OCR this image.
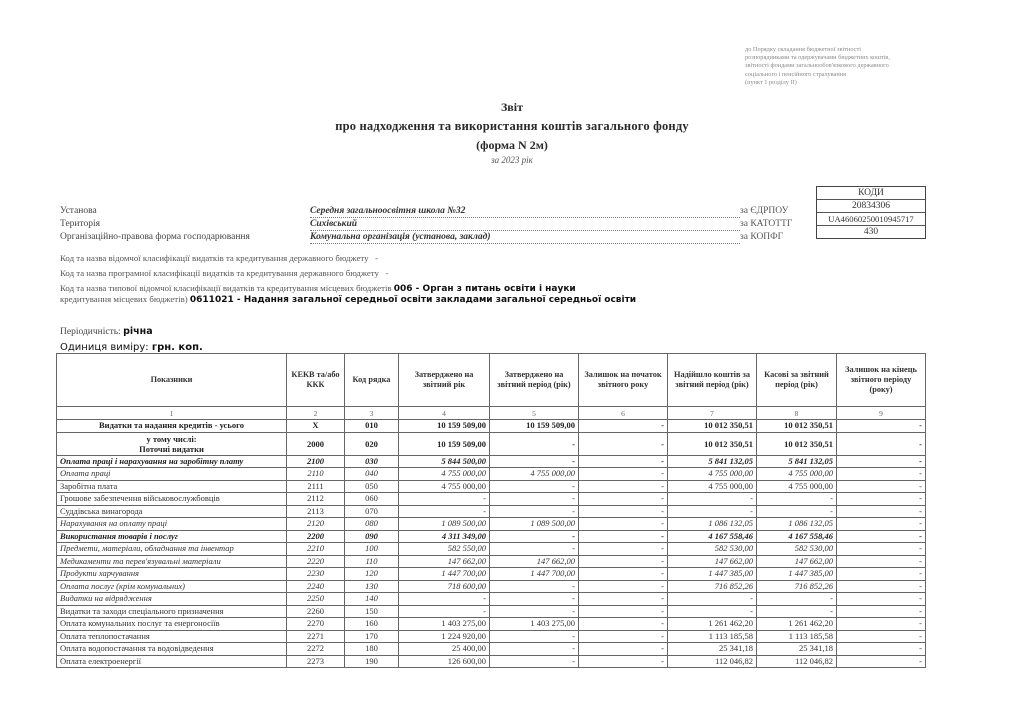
до Порядку складання бюджетної звітності
розпорядниками та одержувачами бюджетних коштів,
звітності фондами загальнообов'язкового державного
соціального і пенсійного страхування
(пункт 1 розділу II)
Звіт
про надходження та використання коштів загального фонду
(форма N 2м)
за 2023 рік
КОДИ
20834306
UA46060250010945717
430
Установа	Середня загальноосвітня школа №32	за ЄДРПОУ
Територія	Сихівський	за КАТОТТГ
Організаційно-правова форма господарювання	Комунальна організація (установа, заклад)	за КОПФГ
Код та назва відомчої класифікації видатків та кредитування державного бюджету -
Код та назва програмної класифікації видатків та кредитування державного бюджету -
Код та назва типової відомчої класифікації видатків та кредитування місцевих бюджетів 006 - Орган з питань освіти і науки
кредитування місцевих бюджетів) 0611021 - Надання загальної середньої освіти закладами загальної середньої освіти
Періодичність: річна
Одиниця виміру: грн. коп.
Показники	КЕКВ та/або ККК	Код рядка	Затверджено на звітний рік	Затверджено на звітний період (рік)	Залишок на початок звітного року	Надійшло коштів за звітний період (рік)	Касові за звітний період (рік)	Залишок на кінець звітного періоду (року)
1	2	3	4	5	6	7	8	9
Видатки та надання кредитів - усього	X	010	10 159 509,00	10 159 509,00	-	10 012 350,51	10 012 350,51	-

у тому числі:
Поточні видатки	2000	020	10 159 509,00	-	-	10 012 350,51	10 012 350,51	-
Оплата праці і нарахування на заробітну плату	2100	030	5 844 500,00	-	-	5 841 132,05	5 841 132,05	-
Оплата праці	2110	040	4 755 000,00	4 755 000,00	-	4 755 000,00	4 755 000,00	-
Заробітна плата	2111	050	4 755 000,00	-	-	4 755 000,00	4 755 000,00	-
Грошове забезпечення військовослужбовців	2112	060	-	-	-	-	-	-
Суддівська винагорода	2113	070	-	-	-	-	-	-
Нарахування на оплату праці	2120	080	1 089 500,00	1 089 500,00	-	1 086 132,05	1 086 132,05	-
Використання товарів і послуг	2200	090	4 311 349,00	-	-	4 167 558,46	4 167 558,46	-
Предмети, матеріали, обладнання та інвентар	2210	100	582 550,00	-	-	582 530,00	582 530,00	-
Медикаменти та перев'язувальні матеріали	2220	110	147 662,00	147 662,00	-	147 662,00	147 662,00	-
Продукти харчування	2230	120	1 447 700,00	1 447 700,00	-	1 447 385,00	1 447 385,00	-
Оплата послуг (крім комунальних)	2240	130	718 600,00	-	-	716 852,26	716 852,26	-
Видатки на відрядження	2250	140	-	-	-	-	-	-
Видатки та заходи спеціального призначення	2260	150	-	-	-	-	-	-
Оплата комунальних послуг та енергоносіїв	2270	160	1 403 275,00	1 403 275,00	-	1 261 462,20	1 261 462,20	-
Оплата теплопостачання	2271	170	1 224 920,00	-	-	1 113 185,58	1 113 185,58	-
Оплата водопостачання та водовідведення	2272	180	25 400,00	-	-	25 341,18	25 341,18	-
Оплата електроенергії	2273	190	126 600,00	-	-	112 046,82	112 046,82	-
